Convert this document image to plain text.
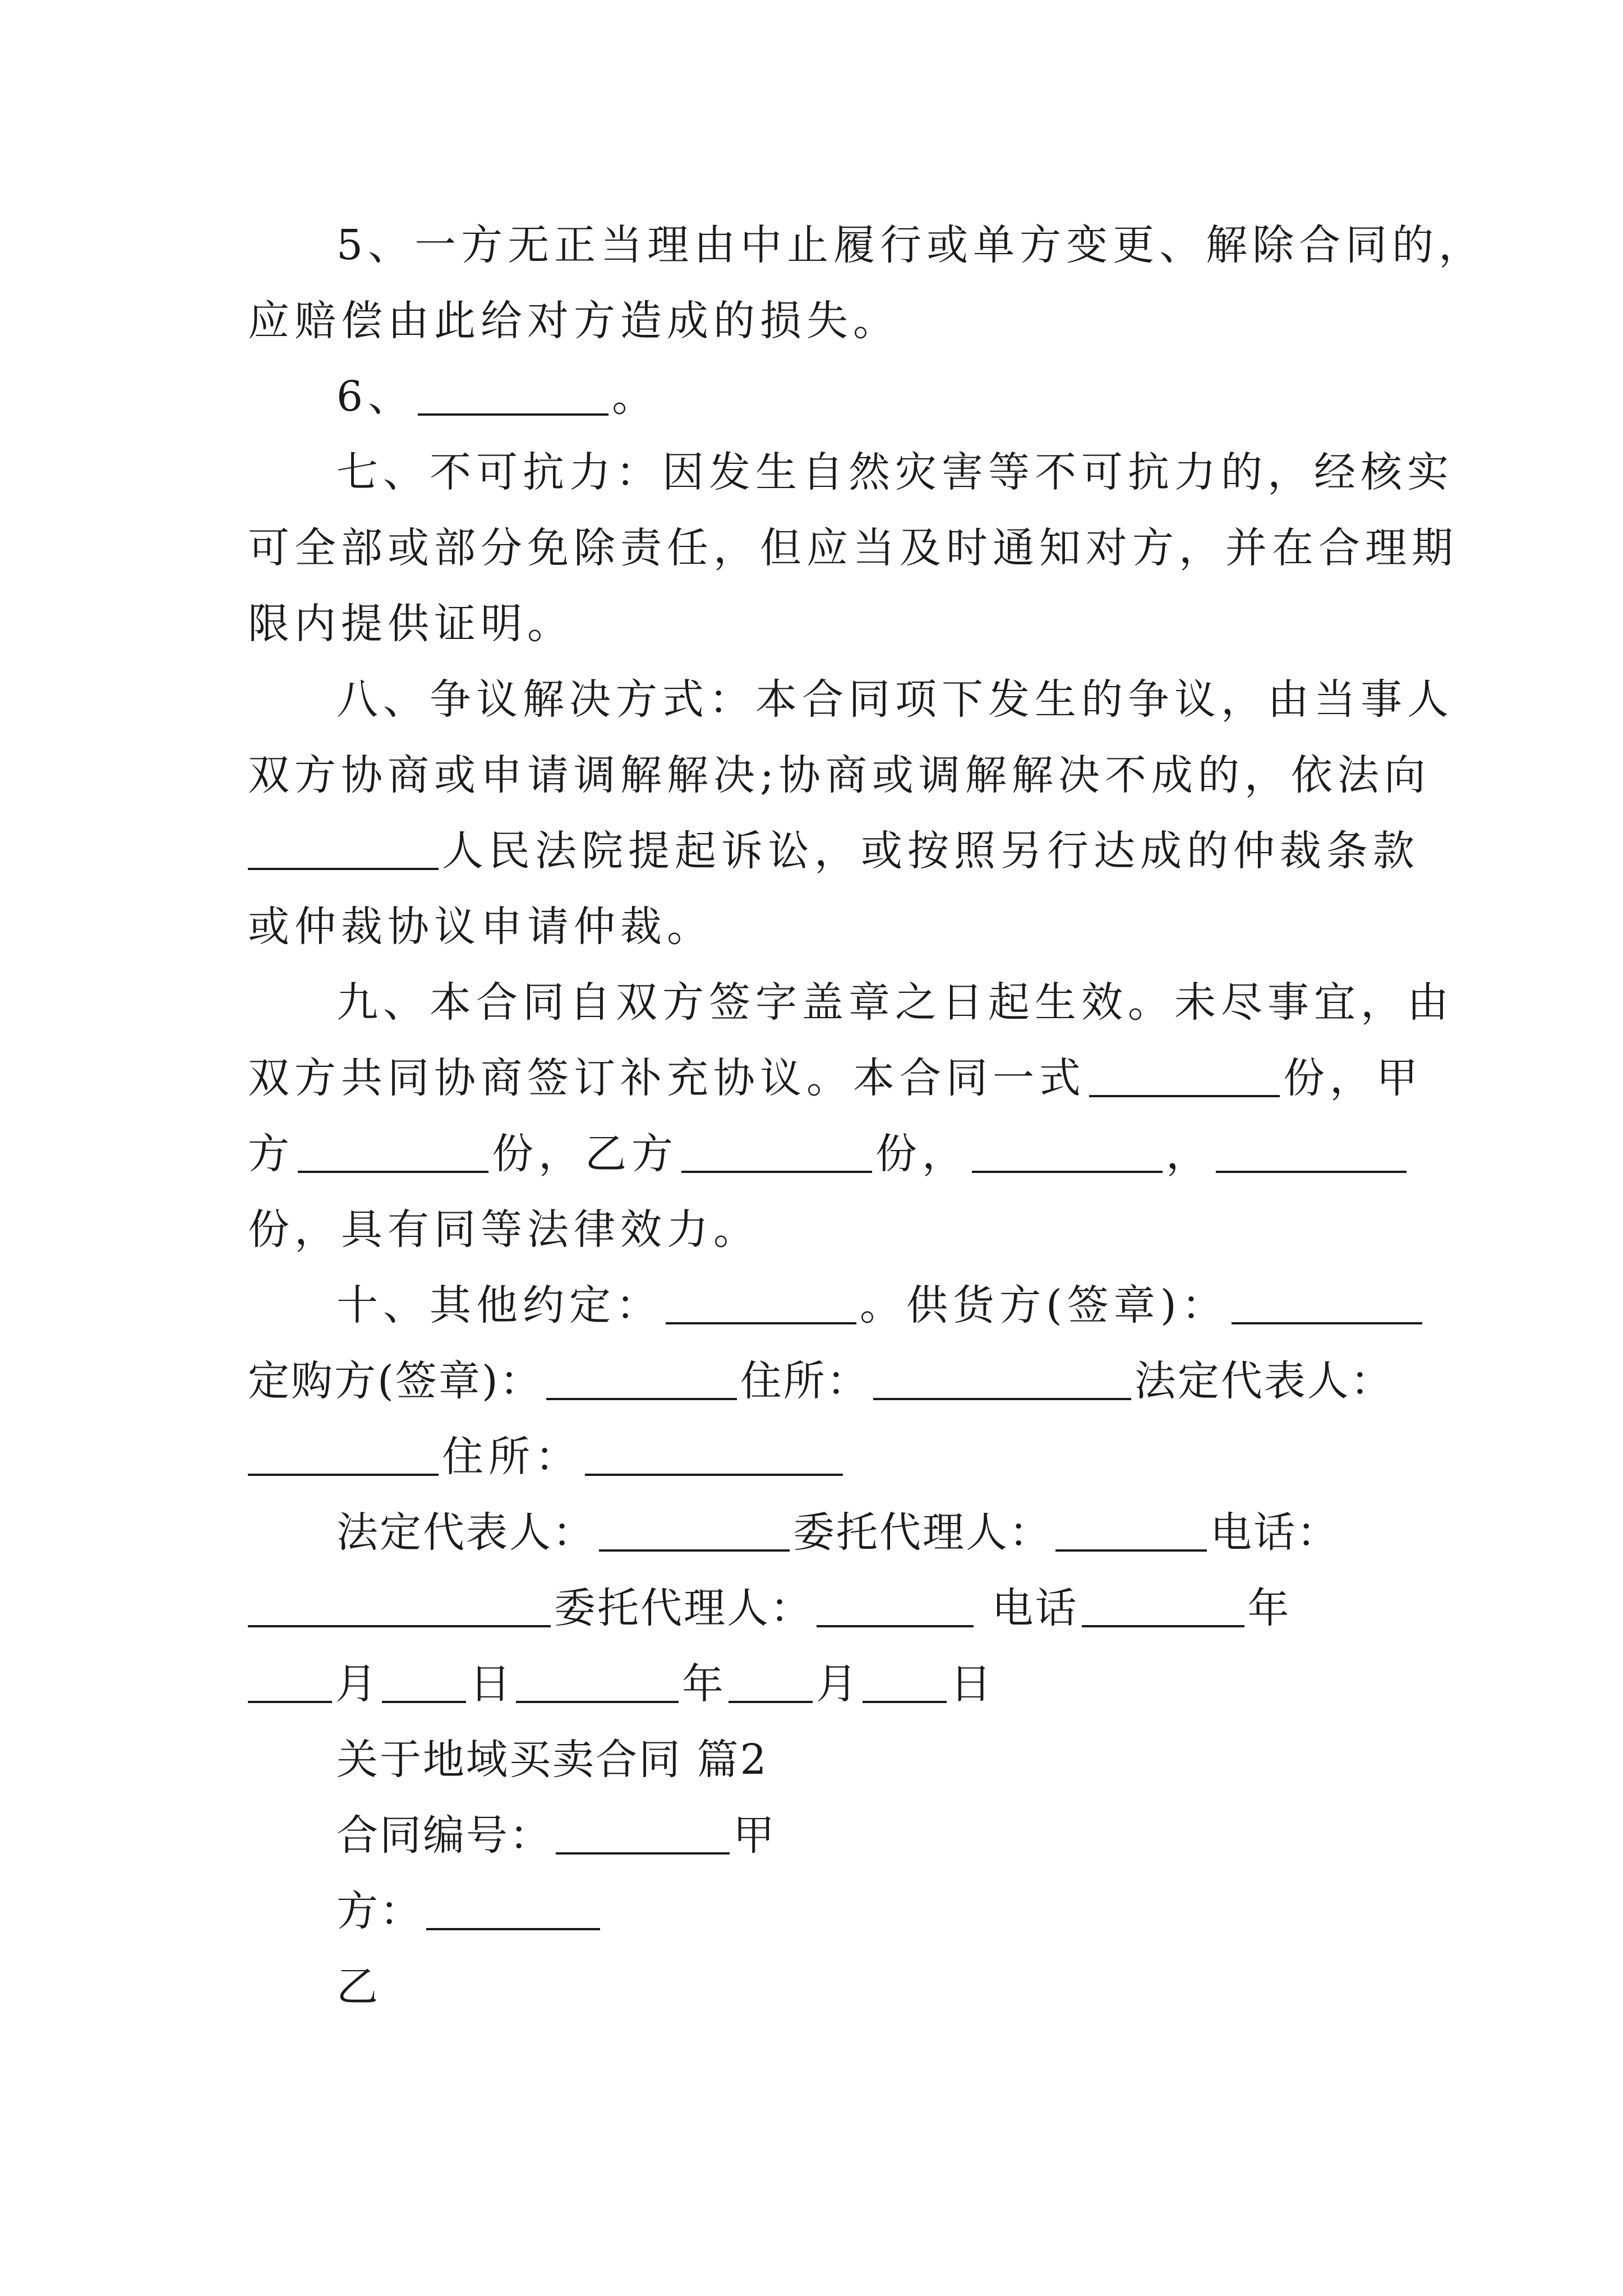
5、一方无正当理由中止履行或单方变更、解除合同的，
应赔偿由此给对方造成的损失。
6、	。
七、不可抗力：因发生自然灾害等不可抗力的，经核实
可全部或部分免除责任，但应当及时通知对方，并在合理期
限内提供证明。
八、争议解决方式：本合同项下发生的争议，由当事人
双方协商或申请调解解决;协商或调解解决不成的，依法向
人民法院提起诉讼，或按照另行达成的仲裁条款
或仲裁协议申请仲裁。
九、本合同自双方签字盖章之日起生效。未尽事宜，由
双方共同协商签订补充协议。本合同一式	份，甲
方	份，乙方	份，	，
份，具有同等法律效力。
十、其他约定：	。供货方(签章)：
定购方(签章)：	住所：	法定代表人：
住所：
法定代表人：	委托代理人：	电话：
委托代理人：	电话	年
月 日	年 月 日
关于地域买卖合同 篇2
合同编号：	甲
方：
乙
